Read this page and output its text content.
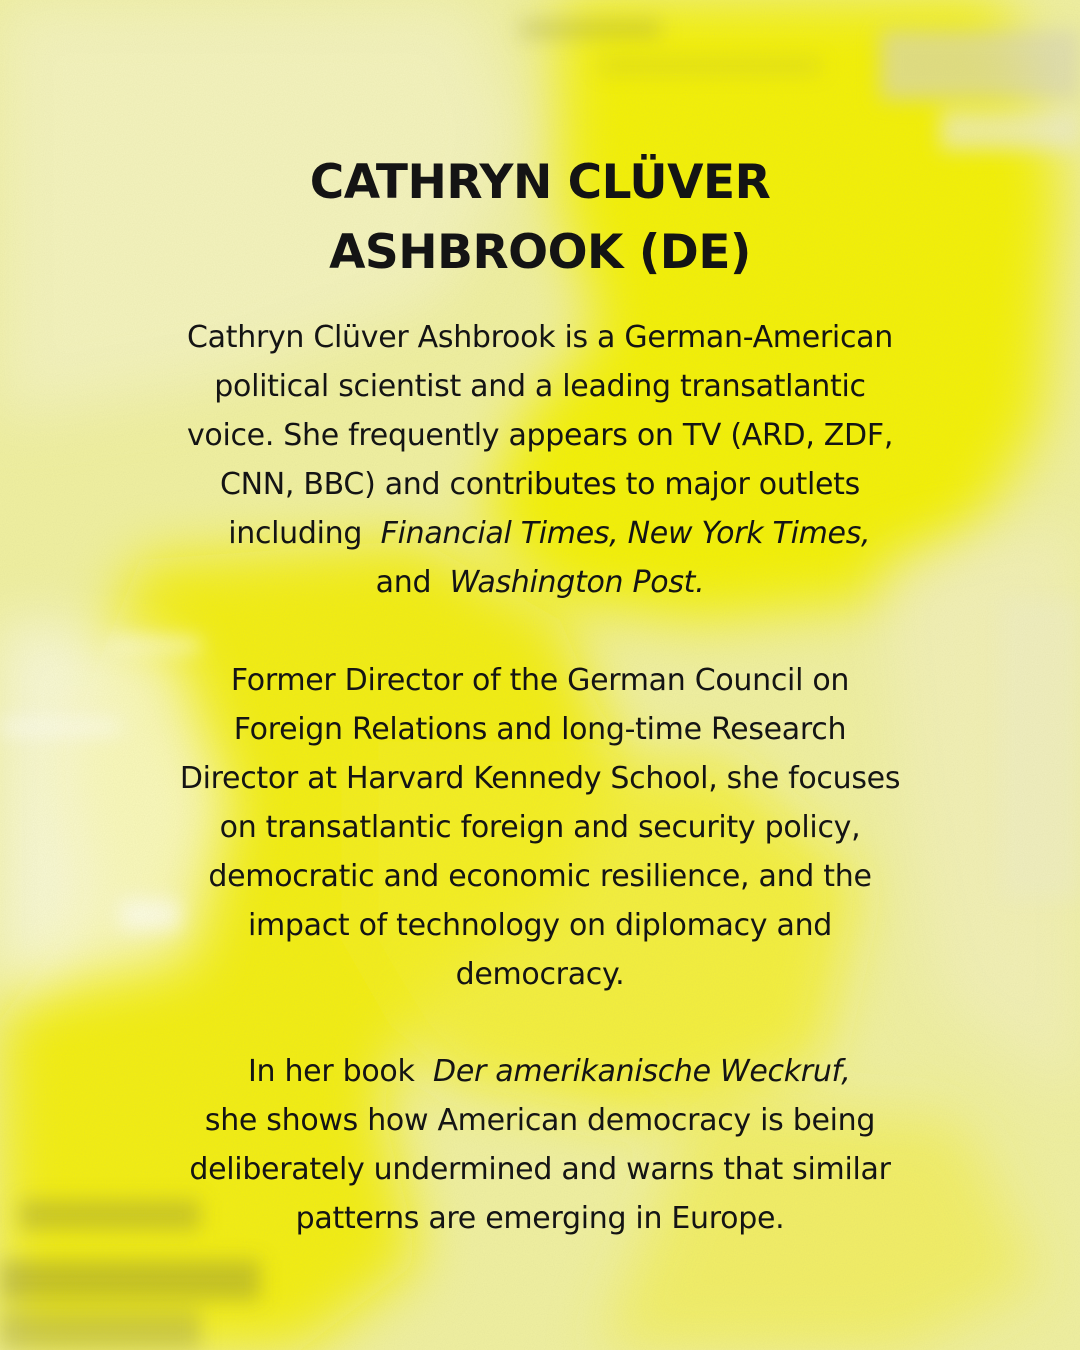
CATHRYN CLÜVER
ASHBROOK (DE)

Cathryn Clüver Ashbrook is a German-American
political scientist and a leading transatlantic
voice. She frequently appears on TV (ARD, ZDF,
CNN, BBC) and contributes to major outlets
including Financial Times, New York Times,
and Washington Post.

Former Director of the German Council on
Foreign Relations and long-time Research
Director at Harvard Kennedy School, she focuses
on transatlantic foreign and security policy,
democratic and economic resilience, and the
impact of technology on diplomacy and
democracy.

In her book Der amerikanische Weckruf,
she shows how American democracy is being
deliberately undermined and warns that similar
patterns are emerging in Europe.
